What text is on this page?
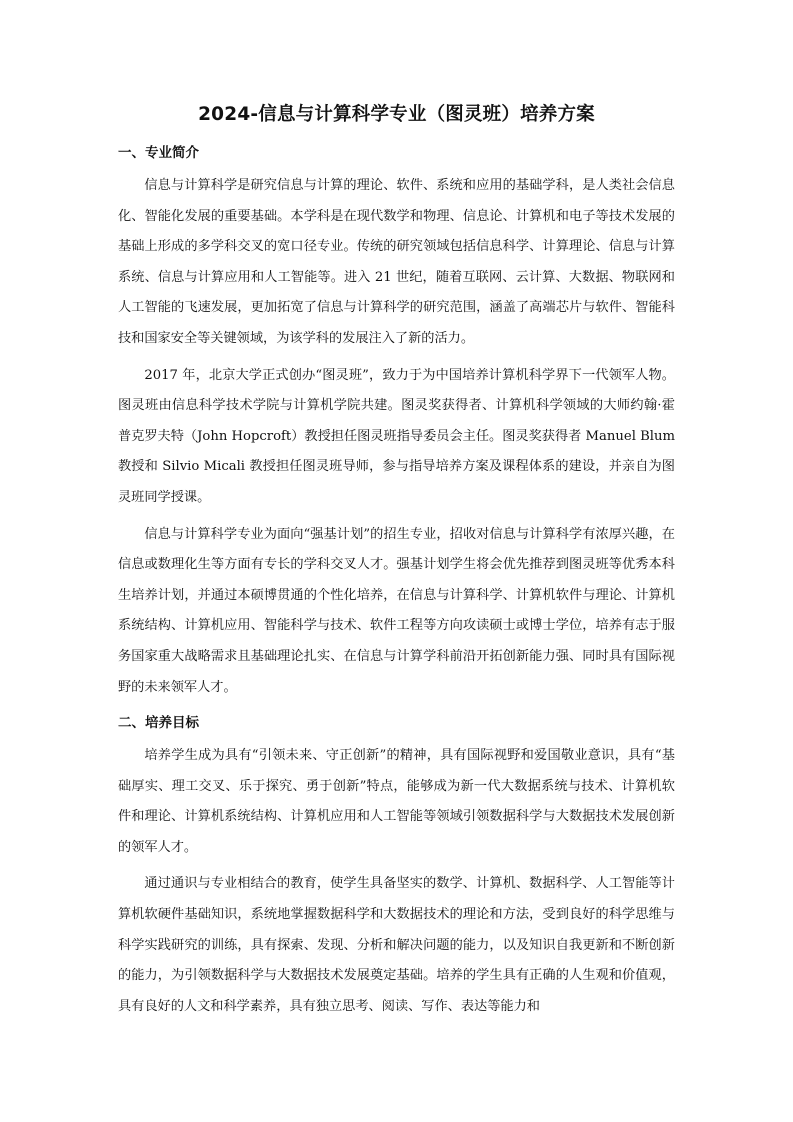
2024-信息与计算科学专业（图灵班）培养方案
一、专业简介

信息与计算科学是研究信息与计算的理论、软件、系统和应用的基础学科，是人类社会信息化、智能化发展的重要基础。本学科是在现代数学和物理、信息论、计算机和电子等技术发展的基础上形成的多学科交叉的宽口径专业。传统的研究领域包括信息科学、计算理论、信息与计算系统、信息与计算应用和人工智能等。进入 21 世纪，随着互联网、云计算、大数据、物联网和人工智能的飞速发展，更加拓宽了信息与计算科学的研究范围，涵盖了高端芯片与软件、智能科技和国家安全等关键领域，为该学科的发展注入了新的活力。

2017 年，北京大学正式创办“图灵班”，致力于为中国培养计算机科学界下一代领军人物。图灵班由信息科学技术学院与计算机学院共建。图灵奖获得者、计算机科学领域的大师约翰·霍普克罗夫特（John Hopcroft）教授担任图灵班指导委员会主任。图灵奖获得者 Manuel Blum 教授和 Silvio Micali 教授担任图灵班导师，参与指导培养方案及课程体系的建设，并亲自为图灵班同学授课。

信息与计算科学专业为面向“强基计划”的招生专业，招收对信息与计算科学有浓厚兴趣，在信息或数理化生等方面有专长的学科交叉人才。强基计划学生将会优先推荐到图灵班等优秀本科生培养计划，并通过本硕博贯通的个性化培养，在信息与计算科学、计算机软件与理论、计算机系统结构、计算机应用、智能科学与技术、软件工程等方向攻读硕士或博士学位，培养有志于服务国家重大战略需求且基础理论扎实、在信息与计算学科前沿开拓创新能力强、同时具有国际视野的未来领军人才。

二、培养目标

培养学生成为具有“引领未来、守正创新”的精神，具有国际视野和爱国敬业意识，具有“基础厚实、理工交叉、乐于探究、勇于创新”特点，能够成为新一代大数据系统与技术、计算机软件和理论、计算机系统结构、计算机应用和人工智能等领域引领数据科学与大数据技术发展创新的领军人才。

通过通识与专业相结合的教育，使学生具备坚实的数学、计算机、数据科学、人工智能等计算机软硬件基础知识，系统地掌握数据科学和大数据技术的理论和方法，受到良好的科学思维与科学实践研究的训练，具有探索、发现、分析和解决问题的能力，以及知识自我更新和不断创新的能力，为引领数据科学与大数据技术发展奠定基础。培养的学生具有正确的人生观和价值观，具有良好的人文和科学素养，具有独立思考、阅读、写作、表达等能力和
